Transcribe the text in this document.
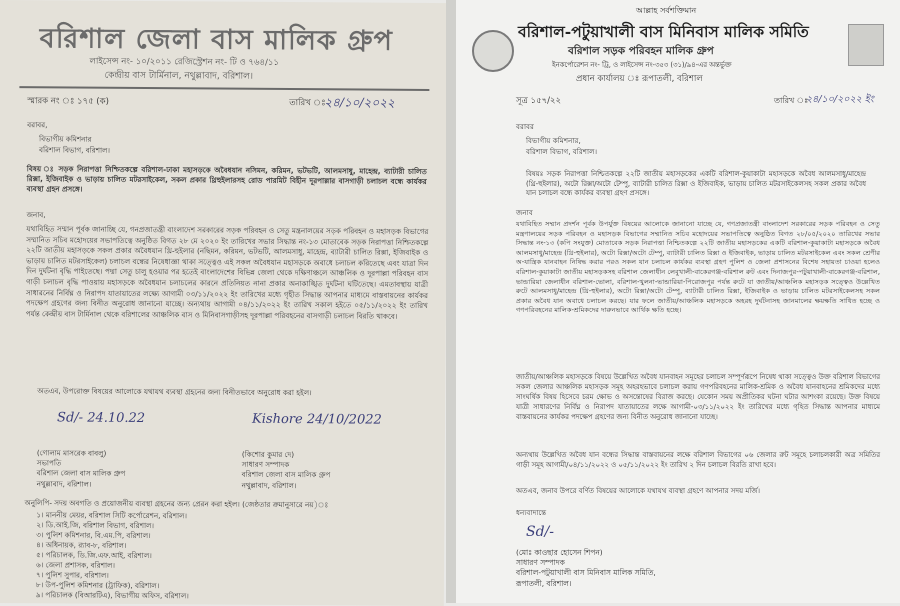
বরিশাল জেলা বাস মালিক গ্রুপ
লাইসেন্স নং- ১০/২০১১ রেজিস্ট্রেশন নং- টি ও ৭৬৪/১১
কেন্দ্রীয় বাস টার্মিনাল, নথুল্লাবাদ, বরিশাল।
স্মারক নং ঃ ১৭৫ (ক)	তারিখ ঃ
২৪/১০/২০২২
বরাবর,
বিভাগীয় কমিশনার
বরিশাল বিভাগ, বরিশাল।
বিষয় ঃ সড়ক নিরাপত্তা নিশ্চিতকল্পে বরিশাল-ঢাকা মহাসড়কে অবৈধযান নসিমন, করিমন, ভটভটি, আলমসাধু, মাহেন্দ্র, ব্যাটারী চালিত রিক্সা, ইজিবাইক ও ভাড়ায় চালিত মটরসাইকেল, সকল প্রকার থ্রিহুইলারসহ রোড পারমিট বিহীন দূরপাল্লার বাসগাড়ী চলাচল বন্ধে কার্যকর ব্যবস্থা গ্রহন প্রসঙ্গে।
জনাব,
যথাবিহিত সম্মান পূর্বক জানাচ্ছি যে, গনপ্রজাতন্ত্রী বাংলাদেশ সরকারের সড়ক পরিবহন ও সেতু মন্ত্রনালয়ের সড়ক পরিবহন ও মহাসড়ক বিভাগের সম্মানিত সচিব মহোদয়ের সভাপতিত্বে অনুষ্ঠিত বিগত ২৮ মে ২০২০ ইং তারিখের সভার সিদ্ধান্ত নং-১৩ মোতাবেক সড়ক নিরাপত্তা নিশ্চিতকল্পে ২২টি জাতীয় মহাসড়কে সকল প্রকার অবৈধযান থ্রি-হুইলার (নছিমন, করিমন, ভটভটি, আলমসাধু, মাহেন্দ্র, ব্যাটারী চালিত রিক্সা, ইজিবাইক ও ভাড়ায় চালিত মটরসাইকেল) চলাচল বন্ধের নিষেধাজ্ঞা থাকা সত্ত্বেও এই সকল অবৈধযান মহাসড়কে অবাধে চলাচল করিতেছে এবং যাত্রা দিন দিন দুর্ঘটনা বৃদ্ধি পাইতেছে। পদ্মা সেতু চালু হওয়ার পর হতেই বাংলাদেশের বিভিন্ন জেলা থেকে দক্ষিণাঞ্চলে আঞ্চলিক ও দূরপাল্লা পরিবহন বাস গাড়ী চলাচল বৃদ্ধি পাওয়ায় মহাসড়কে অবৈধযান চলাচলের কারনে প্রতিনিয়ত নানা প্রকার অনাকাঙ্খিত দুর্ঘটনা ঘটিতেছে। এমতাবস্থায় যাত্রী সাধারনের নির্বিঘ্ন ও নিরাপদ যাতায়াতের লক্ষ্যে আগামী ০৩/১১/২০২২ ইং তারিখের মধ্যে গৃহীত সিদ্ধান্ত আপনার মাধ্যমে বাস্তবায়নের কার্যকর পদক্ষেপ গ্রহণের জন্য বিনীত অনুরোধ জানানো যাচ্ছে। অন্যথায় আগামী ০৪/১১/২০২২ ইং তারিখ সকাল হইতে ০৫/১১/২০২২ ইং তারিখ পর্যন্ত কেন্দ্রীয় বাস টার্মিনাল থেকে বরিশালের আঞ্চলিক বাস ও মিনিবাসগাড়ীসহ দূরপাল্লা পরিবহনের বাসগাড়ী চলাচল বিরতি থাকবে।
অতএব, উপরোক্ত বিষয়ের আলোকে যথাযথ ব্যবস্থা গ্রহনের জন্য বিনীতভাবে অনুরোধ করা হইল।
Sd/- 24.10.22	Kishore 24/10/2022
(গোলাম মাসরেক বাবলু)
সভাপতি
বরিশাল জেলা বাস মালিক গ্রুপ
নথুল্লাবাদ, বরিশাল।
(কিশোর কুমার দে)
সাধারণ সম্পাদক
বরিশাল জেলা বাস মালিক গ্রুপ
নথুল্লাবাদ, বরিশাল।
অনুলিপি- সদয় অবগতি ও প্রয়োজনীয় ব্যবস্থা গ্রহনের জন্য প্রেরন করা হইল। (জেষ্ঠতার ক্রমানুসারে নয়)ঃ
১। মাননীয় মেয়র, বরিশাল সিটি কর্পোরেশন, বরিশাল।
২। ডি.আই.জি, বরিশাল বিভাগ, বরিশাল।
৩। পুলিশ কমিশনার, বি.এম.পি, বরিশাল।
৪। অধিনায়ক, র‍্যাব-৮, বরিশাল।
৫। পরিচালক, ডি.জি.এফ.আই, বরিশাল।
৬। জেলা প্রশাসক, বরিশাল।
৭। পুলিশ সুপার, বরিশাল।
৮। উপ-পুলিশ কমিশনার (ট্রাফিক), বরিশাল।
৯। পরিচালক (বিআরটিএ), বিভাগীয় অফিস, বরিশাল।
আল্লাহ সর্বশক্তিমান
বরিশাল-পটুয়াখালী বাস মিনিবাস মালিক সমিতি
বরিশাল সড়ক পরিবহন মালিক গ্রুপ
ইনকর্পোরেশন নং- ট্রি, ও লাইসেন্স নং-৩৫৩ (৩১)/৯৪-এর অন্তর্ভুক্ত
প্রধান কার্যালয় ঃ রূপাতলী, বরিশাল
সূত্র ১৫৭/২২	তারিখ ঃ
২৪/১০/২০২২ ইং
বরাবর
বিভাগীয় কমিশনার,
বরিশাল বিভাগ, বরিশাল।
বিষয়ঃ সড়ক নিরাপত্তা নিশ্চিতকল্পে ২২টি জাতীয় মহাসড়কের একটি বরিশাল-কুয়াকাটা মহাসড়কে অবৈধ আলমসাধু/মাহেন্দ্র (থ্রি-হুইলার), অটো রিক্সা/অটো টেম্পু, ব্যাটারী চালিত রিক্সা ও ইজিবাইক, ভাড়ায় চালিত মটরসাইকেলসহ সকল প্রকার অবৈধ যান চলাচল বন্ধে কার্যকর ব্যবস্থা গ্রহণ প্রসঙ্গে।
জনাব
যথাবিহিত সম্মান প্রদর্শন পূর্বক উপর্যুক্ত বিষয়ের আলোকে জানানো যাচ্ছে যে, গণপ্রজাতন্ত্রী বাংলাদেশ সরকারের সড়ক পরিবহন ও সেতু মন্ত্রণালয়ের সড়ক পরিবহন ও মহাসড়ক বিভাগের সম্মানিত সচিব মহোদয়ের সভাপতিত্বে অনুষ্ঠিত বিগত ২৮/০৫/২০২০ তারিখের সভার সিদ্ধান্ত নং-১৩ (কপি সংযুক্ত) মোতাবেক সড়ক নিরাপত্তা নিশ্চিতকল্পে ২২টি জাতীয় মহাসড়কের একটি বরিশাল-কুয়াকাটা মহাসড়কে অবৈধ আলমসাধু/মাহেন্দ্র (থ্রি-হুইলার), অটো রিক্সা/অটো টেম্পু, ব্যাটারী চালিত রিক্সা ও ইজিবাইক, ভাড়ায় চালিত মটরসাইকেল এবং সকল শ্রেণীর অ-যান্ত্রিক যানবাহন নিষিদ্ধ করার পরও সকল যান চলাচল কার্যকর ব্যবস্থা গ্রহণ পুলিশ ও জেলা প্রশাসনের বিশেষ সহায়তা চাওয়া হলেও বরিশাল-কুয়াকাটা জাতীয় মহাসড়কসহ বরিশাল জেলাধীন লেবুখালী-বাকেরগঞ্জ-বরিশাল রুট এবং দিনাজপুর-পটুয়াখালী-বাকেরগঞ্জ-বরিশাল, ভান্ডারিয়া জেলাধীন বরিশাল-ভোলা, বরিশাল-খুলনা-ভান্ডারিয়া-পিরোজপুর পর্যন্ত রুটে যা জাতীয়/আঞ্চলিক মহাসড়ক সত্ত্বেও উল্লেখিত রুটে আলমসাধু/মাহেন্দ্র (থ্রি-হুইলার), অটো রিক্সা/অটো টেম্পু, ব্যাটারী চালিত রিক্সা, ইজিবাইক ও ভাড়ায় চালিত মটরসাইকেলসহ সকল প্রকার অবৈধ যান অবাধে চলাচল করছে। যার ফলে জাতীয়/আঞ্চলিক মহাসড়কে অহরহ দুর্ঘটনাসহ জানমালের ক্ষয়ক্ষতি সাধিত হচ্ছে ও গণপরিবহনের মালিক-শ্রমিকদের দারুনভাবে আর্থিক ক্ষতি হচ্ছে।
জাতীয়/আঞ্চলিক মহাসড়কে বিষয়ে উল্লেখিত অবৈধ যানবাহন সমূহের চলাচল সম্পূর্ণরূপে নিষেধ থাকা সত্ত্বেও উক্ত বরিশাল বিভাগের সকল জেলার আঞ্চলিক মহাসড়ক সমূহ অহরহভাবে চলাচল করায় গণপরিবহনের মালিক-শ্রমিক ও অবৈধ যানবাহনের শ্রমিকদের মধ্যে সাংঘর্ষিক বিষয় হিসেবে চরম ক্ষোভ ও অসন্তোষের বিরাজ করছে। যেকোন সময় অপ্রীতিকর ঘটনা ঘটার আশংকা রয়েছে। উক্ত বিষয়ে যাত্রী সাধারণের নির্বিঘ্ন ও নিরাপদ যাতায়াতের লক্ষে আগামী-০৩/১১/২০২২ ইং তারিখের মধ্যে গৃহিত সিদ্ধান্ত আপনার মাধ্যমে বাস্তবায়নের কার্যকর পদক্ষেপ গ্রহণের জন্য বিনীত অনুরোধ জানানো যাচ্ছে।
অন্যথায় উল্লেখিত অবৈধ যান বন্ধের সিদ্ধান্ত বাস্তবায়নের লক্ষে বরিশাল বিভাগের ০৬ জেলার রুট সমূহে চলাচলকারী অত্র সমিতির গাড়ী সমূহ আগামী/০৪/১১/২০২২ ও ০৫/১১/২০২২ ইং তারিখ ২ দিন চলাচল বিরতি রাখা হবে।
অতএব, জনাব উপরে বর্ণিত বিষয়ের আলোকে যথাযথ ব্যবস্থা গ্রহণে আপনার সদয় মর্জি।
ধন্যবাদান্তে
Sd/-
(মোঃ কাওছার হোসেন শিপন)
সাধারণ সম্পাদক
বরিশাল-পটুয়াখালী বাস মিনিবাস মালিক সমিতি,
রূপাতলী, বরিশাল।
